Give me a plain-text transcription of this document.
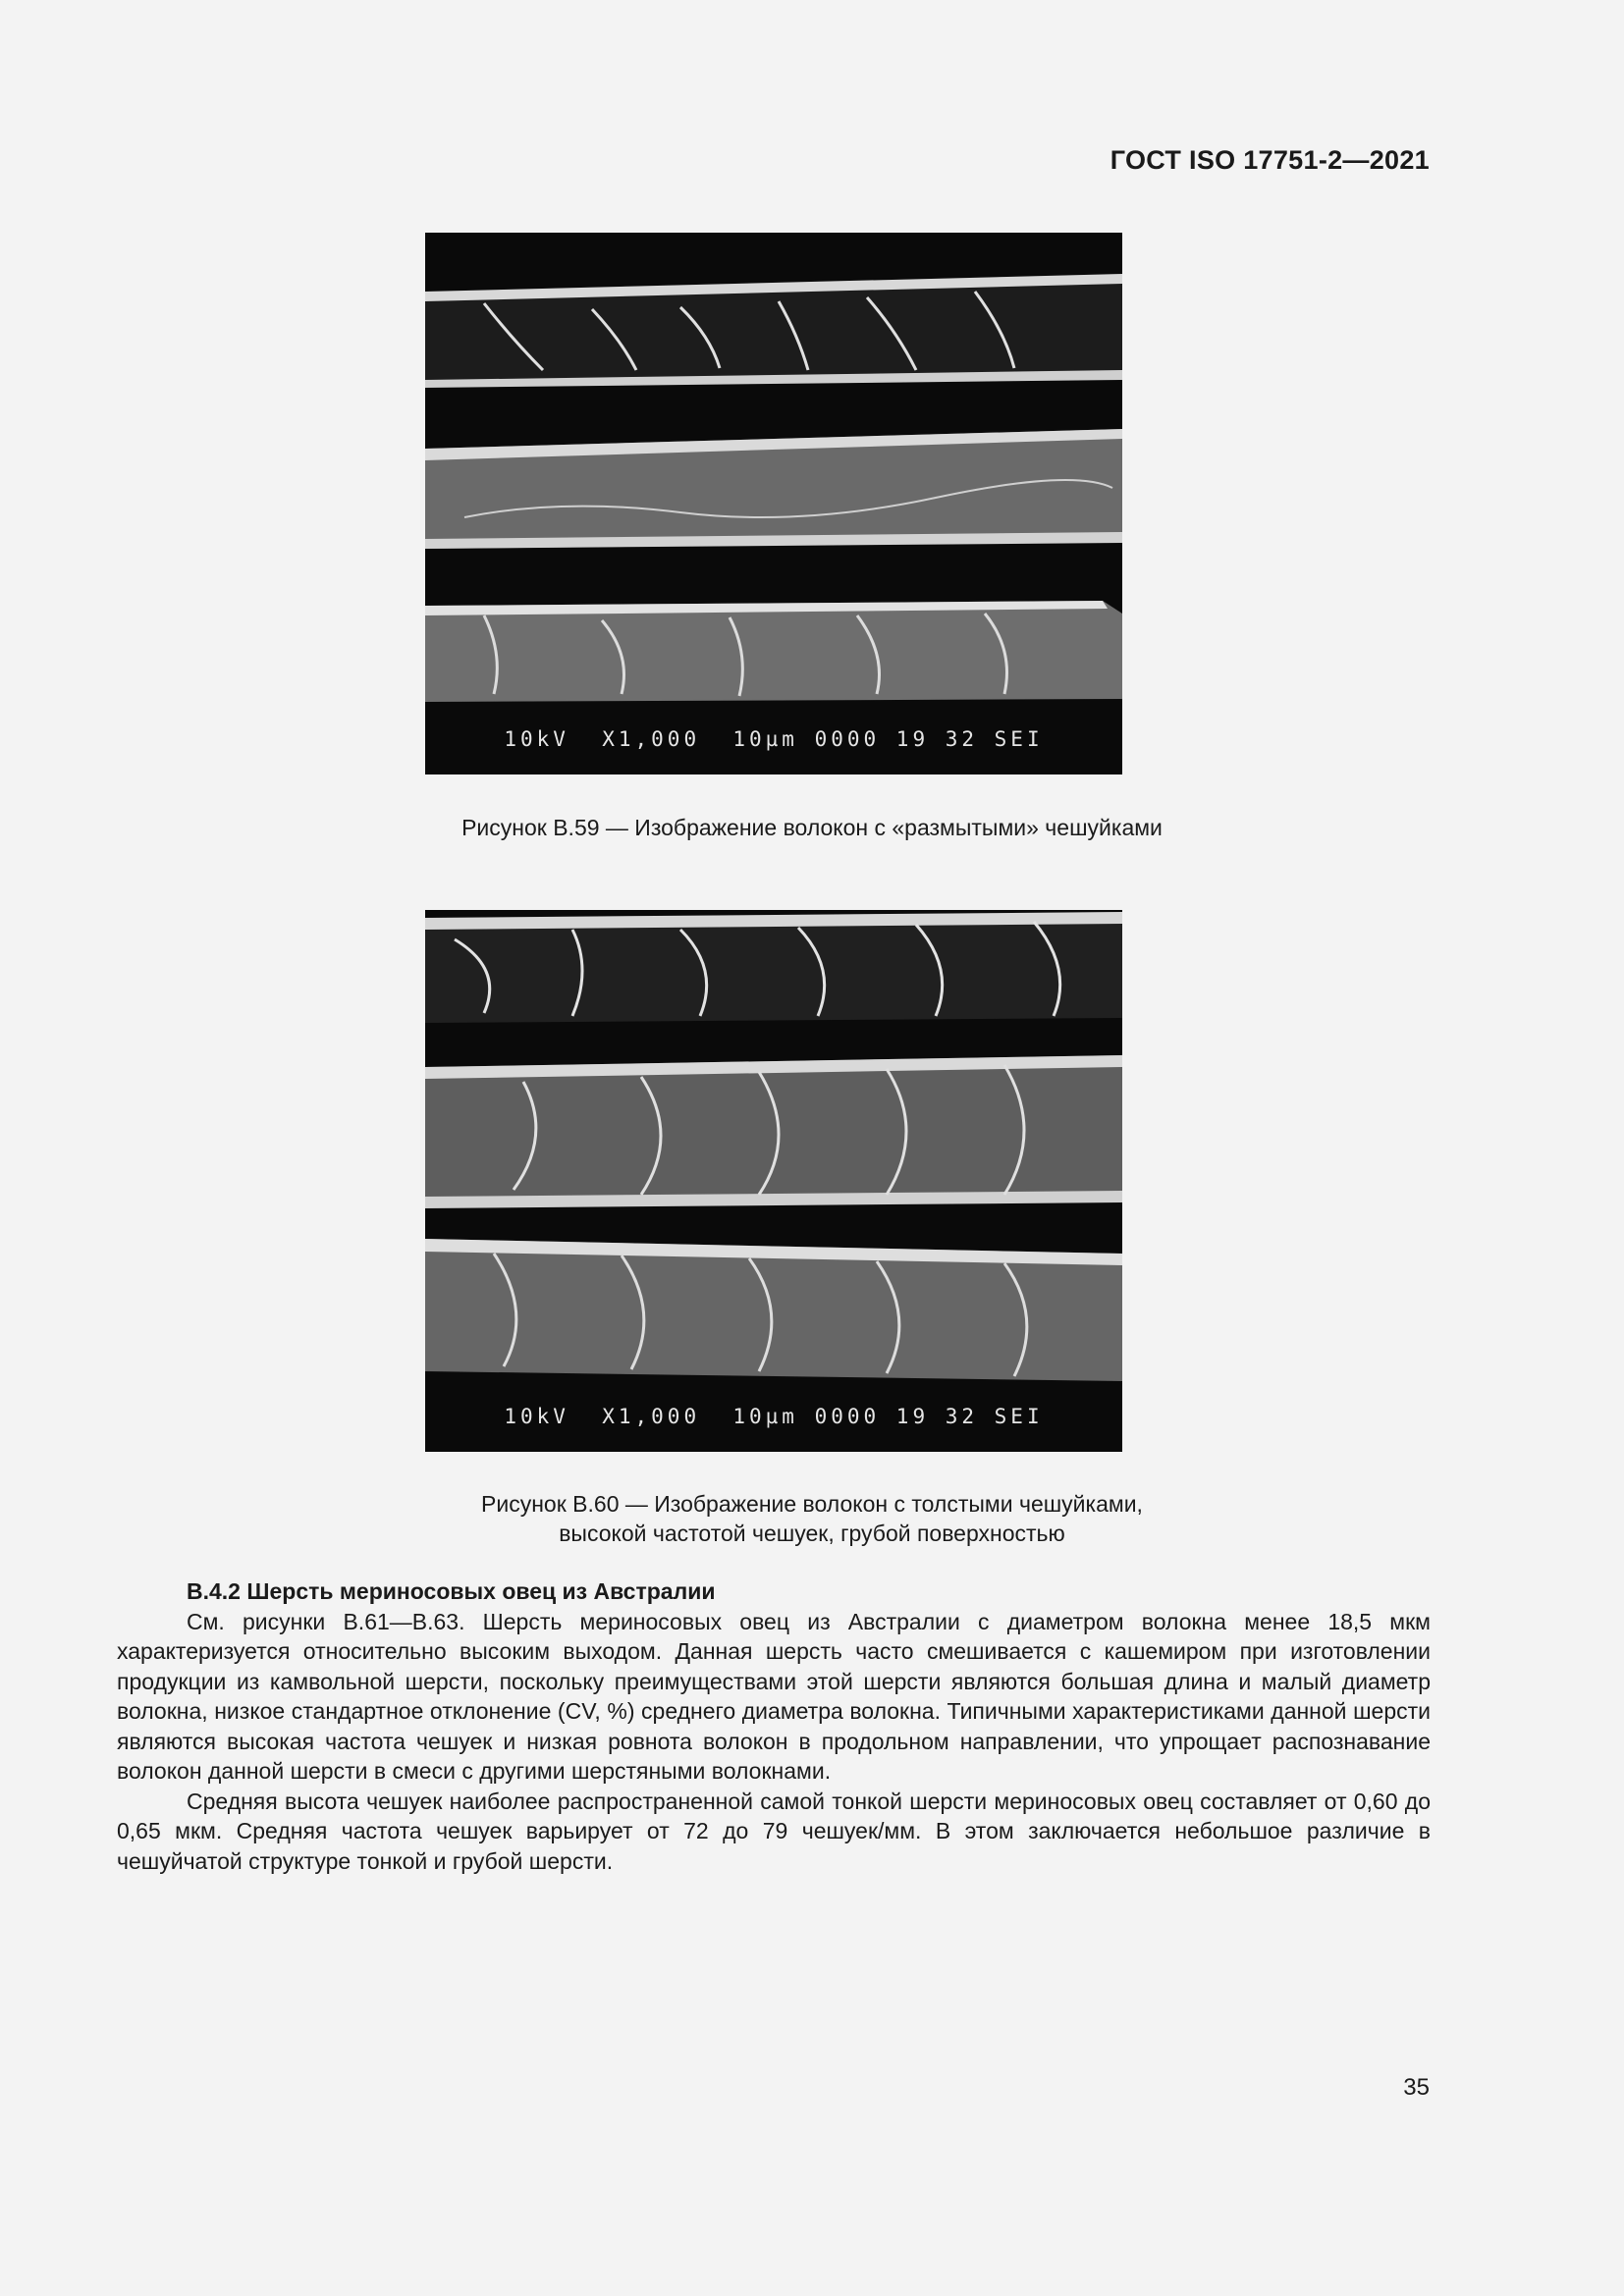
ГОСТ ISO 17751-2—2021
10kV  X1,000  10µm 0000 19 32 SEI
Рисунок В.59 — Изображение волокон с «размытыми» чешуйками
10kV  X1,000  10µm 0000 19 32 SEI
Рисунок В.60 — Изображение волокон с толстыми чешуйками,
высокой частотой чешуек, грубой поверхностью
В.4.2 Шерсть мериносовых овец из Австралии

См. рисунки В.61—В.63. Шерсть мериносовых овец из Австралии с диаметром волокна менее 18,5 мкм характеризуется относительно высоким выходом. Данная шерсть часто смешивается с кашемиром при изготовлении продукции из камвольной шерсти, поскольку преимуществами этой шерсти являются большая длина и малый диаметр волокна, низкое стандартное отклонение (CV, %) среднего диаметра волокна. Типичными характеристиками данной шерсти являются высокая частота чешуек и низкая ровнота волокон в продольном направлении, что упрощает распознавание волокон данной шерсти в смеси с другими шерстяными волокнами.

Средняя высота чешуек наиболее распространенной самой тонкой шерсти мериносовых овец составляет от 0,60 до 0,65 мкм. Средняя частота чешуек варьирует от 72 до 79 чешуек/мм. В этом заключается небольшое различие в чешуйчатой структуре тонкой и грубой шерсти.

35
